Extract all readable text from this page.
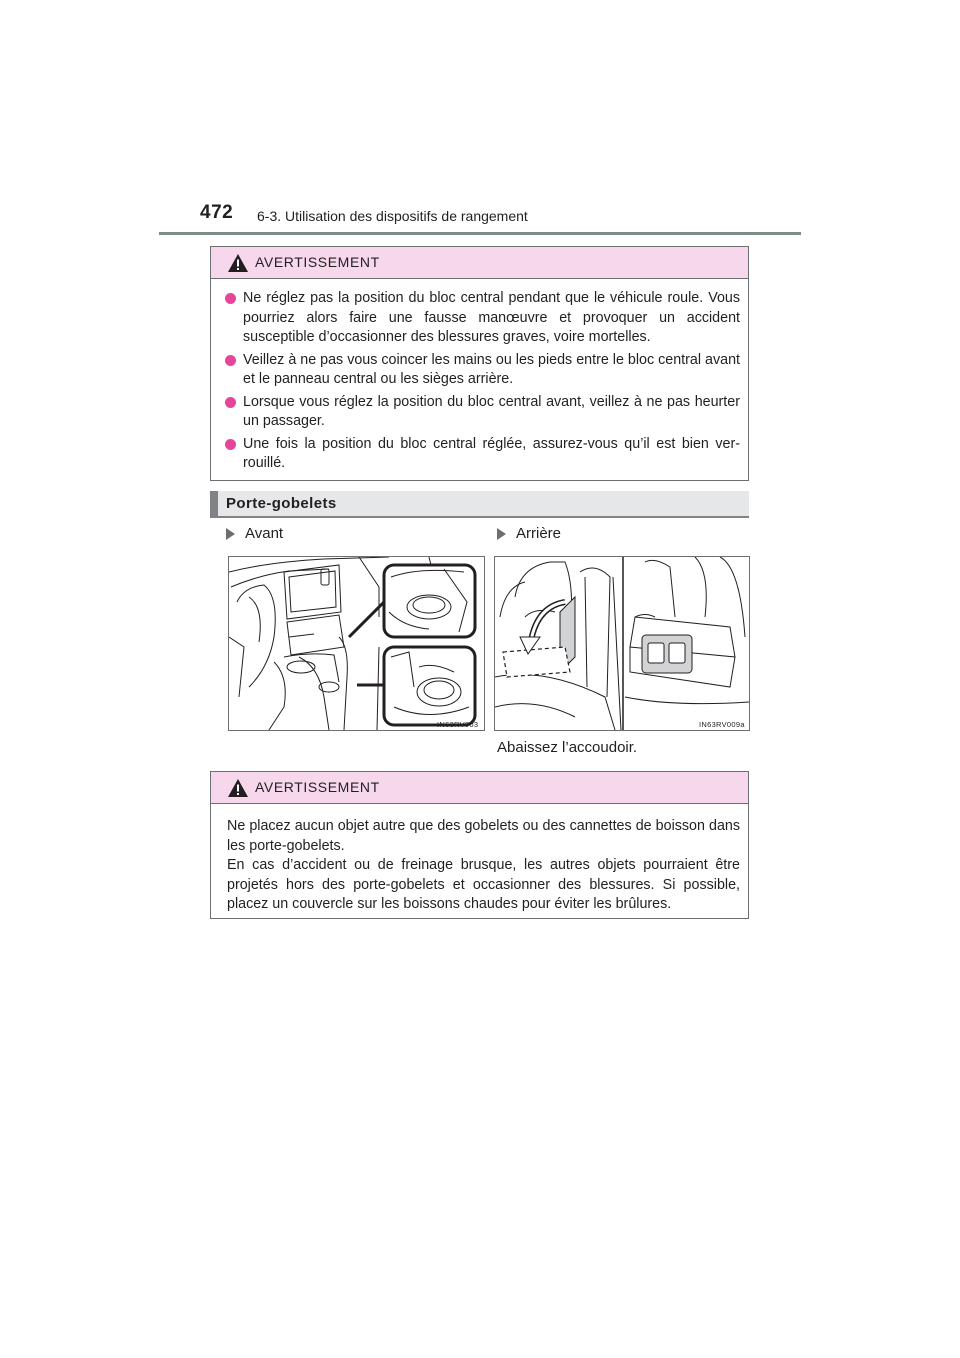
472 6-3. Utilisation des dispositifs de rangement
AVERTISSEMENT
Ne réglez pas la position du bloc central pendant que le véhicule roule. Vous pourriez alors faire une fausse manœuvre et provoquer un accident susceptible d’occasionner des blessures graves, voire mortelles.
Veillez à ne pas vous coincer les mains ou les pieds entre le bloc central avant et le panneau central ou les sièges arrière.
Lorsque vous réglez la position du bloc central avant, veillez à ne pas heurter un passager.
Une fois la position du bloc central réglée, assurez-vous qu’il est bien ver-rouillé.
Porte-gobelets
Avant	Arrière
IN63RV003	IN63RV009a
Abaissez l’accoudoir.
AVERTISSEMENT

Ne placez aucun objet autre que des gobelets ou des cannettes de boisson dans les porte-gobelets.

En cas d’accident ou de freinage brusque, les autres objets pourraient être projetés hors des porte-gobelets et occasionner des blessures. Si possible, placez un couvercle sur les boissons chaudes pour éviter les brûlures.
